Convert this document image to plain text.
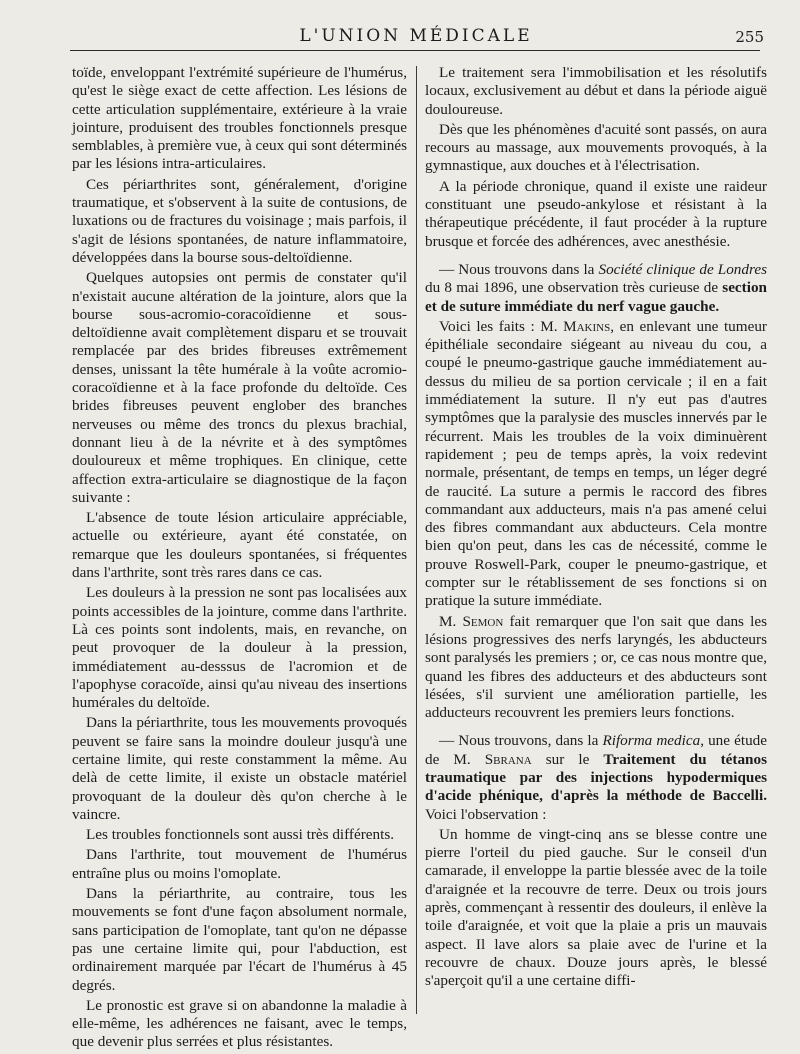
L'UNION MÉDICALE	255

toïde, enveloppant l'extrémité supérieure de l'humérus, qu'est le siège exact de cette affection. Les lésions de cette articulation supplémentaire, extérieure à la vraie jointure, produisent des troubles fonctionnels presque semblables, à première vue, à ceux qui sont déterminés par les lésions intra-articulaires.

Ces périarthrites sont, généralement, d'origine traumatique, et s'observent à la suite de contusions, de luxations ou de fractures du voisinage ; mais parfois, il s'agit de lésions spontanées, de nature inflammatoire, développées dans la bourse sous-deltoïdienne.

Quelques autopsies ont permis de constater qu'il n'existait aucune altération de la jointure, alors que la bourse sous-acromio-coracoïdienne et sous-deltoïdienne avait complètement disparu et se trouvait remplacée par des brides fibreuses extrêmement denses, unissant la tête humérale à la voûte acromio-coracoïdienne et à la face profonde du deltoïde. Ces brides fibreuses peuvent englober des branches nerveuses ou même des troncs du plexus brachial, donnant lieu à de la névrite et à des symptômes douloureux et même trophiques. En clinique, cette affection extra-articulaire se diagnostique de la façon suivante :

L'absence de toute lésion articulaire appréciable, actuelle ou extérieure, ayant été constatée, on remarque que les douleurs spontanées, si fréquentes dans l'arthrite, sont très rares dans ce cas.

Les douleurs à la pression ne sont pas localisées aux points accessibles de la jointure, comme dans l'arthrite. Là ces points sont indolents, mais, en revanche, on peut provoquer de la douleur à la pression, immédiatement au-desssus de l'acromion et de l'apophyse coracoïde, ainsi qu'au niveau des insertions humérales du deltoïde.

Dans la périarthrite, tous les mouvements provoqués peuvent se faire sans la moindre douleur jusqu'à une certaine limite, qui reste constamment la même. Au delà de cette limite, il existe un obstacle matériel provoquant de la douleur dès qu'on cherche à le vaincre.

Les troubles fonctionnels sont aussi très différents.

Dans l'arthrite, tout mouvement de l'humérus entraîne plus ou moins l'omoplate.

Dans la périarthrite, au contraire, tous les mouvements se font d'une façon absolument normale, sans participation de l'omoplate, tant qu'on ne dépasse pas une certaine limite qui, pour l'abduction, est ordinairement marquée par l'écart de l'humérus à 45 degrés.

Le pronostic est grave si on abandonne la maladie à elle-même, les adhérences ne faisant, avec le temps, que devenir plus serrées et plus résistantes.

Le traitement sera l'immobilisation et les résolutifs locaux, exclusivement au début et dans la période aiguë douloureuse.

Dès que les phénomènes d'acuité sont passés, on aura recours au massage, aux mouvements provoqués, à la gymnastique, aux douches et à l'électrisation.

A la période chronique, quand il existe une raideur constituant une pseudo-ankylose et résistant à la thérapeutique précédente, il faut procéder à la rupture brusque et forcée des adhérences, avec anesthésie.

— Nous trouvons dans la Société clinique de Londres du 8 mai 1896, une observation très curieuse de section et de suture immédiate du nerf vague gauche.

Voici les faits : M. Makins, en enlevant une tumeur épithéliale secondaire siégeant au niveau du cou, a coupé le pneumo-gastrique gauche immédiatement au-dessus du milieu de sa portion cervicale ; il en a fait immédiatement la suture. Il n'y eut pas d'autres symptômes que la paralysie des muscles innervés par le récurrent. Mais les troubles de la voix diminuèrent rapidement ; peu de temps après, la voix redevint normale, présentant, de temps en temps, un léger degré de raucité. La suture a permis le raccord des fibres commandant aux adducteurs, mais n'a pas amené celui des fibres commandant aux abducteurs. Cela montre bien qu'on peut, dans les cas de nécessité, comme le prouve Roswell-Park, couper le pneumo-gastrique, et compter sur le rétablissement de ses fonctions si on pratique la suture immédiate.

M. Semon fait remarquer que l'on sait que dans les lésions progressives des nerfs laryngés, les abducteurs sont paralysés les premiers ; or, ce cas nous montre que, quand les fibres des adducteurs et des abducteurs sont lésées, s'il survient une amélioration partielle, les adducteurs recouvrent les premiers leurs fonctions.

— Nous trouvons, dans la Riforma medica, une étude de M. Sbrana sur le Traitement du tétanos traumatique par des injections hypodermiques d'acide phénique, d'après la méthode de Baccelli. Voici l'observation :

Un homme de vingt-cinq ans se blesse contre une pierre l'orteil du pied gauche. Sur le conseil d'un camarade, il enveloppe la partie blessée avec de la toile d'araignée et la recouvre de terre. Deux ou trois jours après, commençant à ressentir des douleurs, il enlève la toile d'araignée, et voit que la plaie a pris un mauvais aspect. Il lave alors sa plaie avec de l'urine et la recouvre de chaux. Douze jours après, le blessé s'aperçoit qu'il a une certaine diffi-
